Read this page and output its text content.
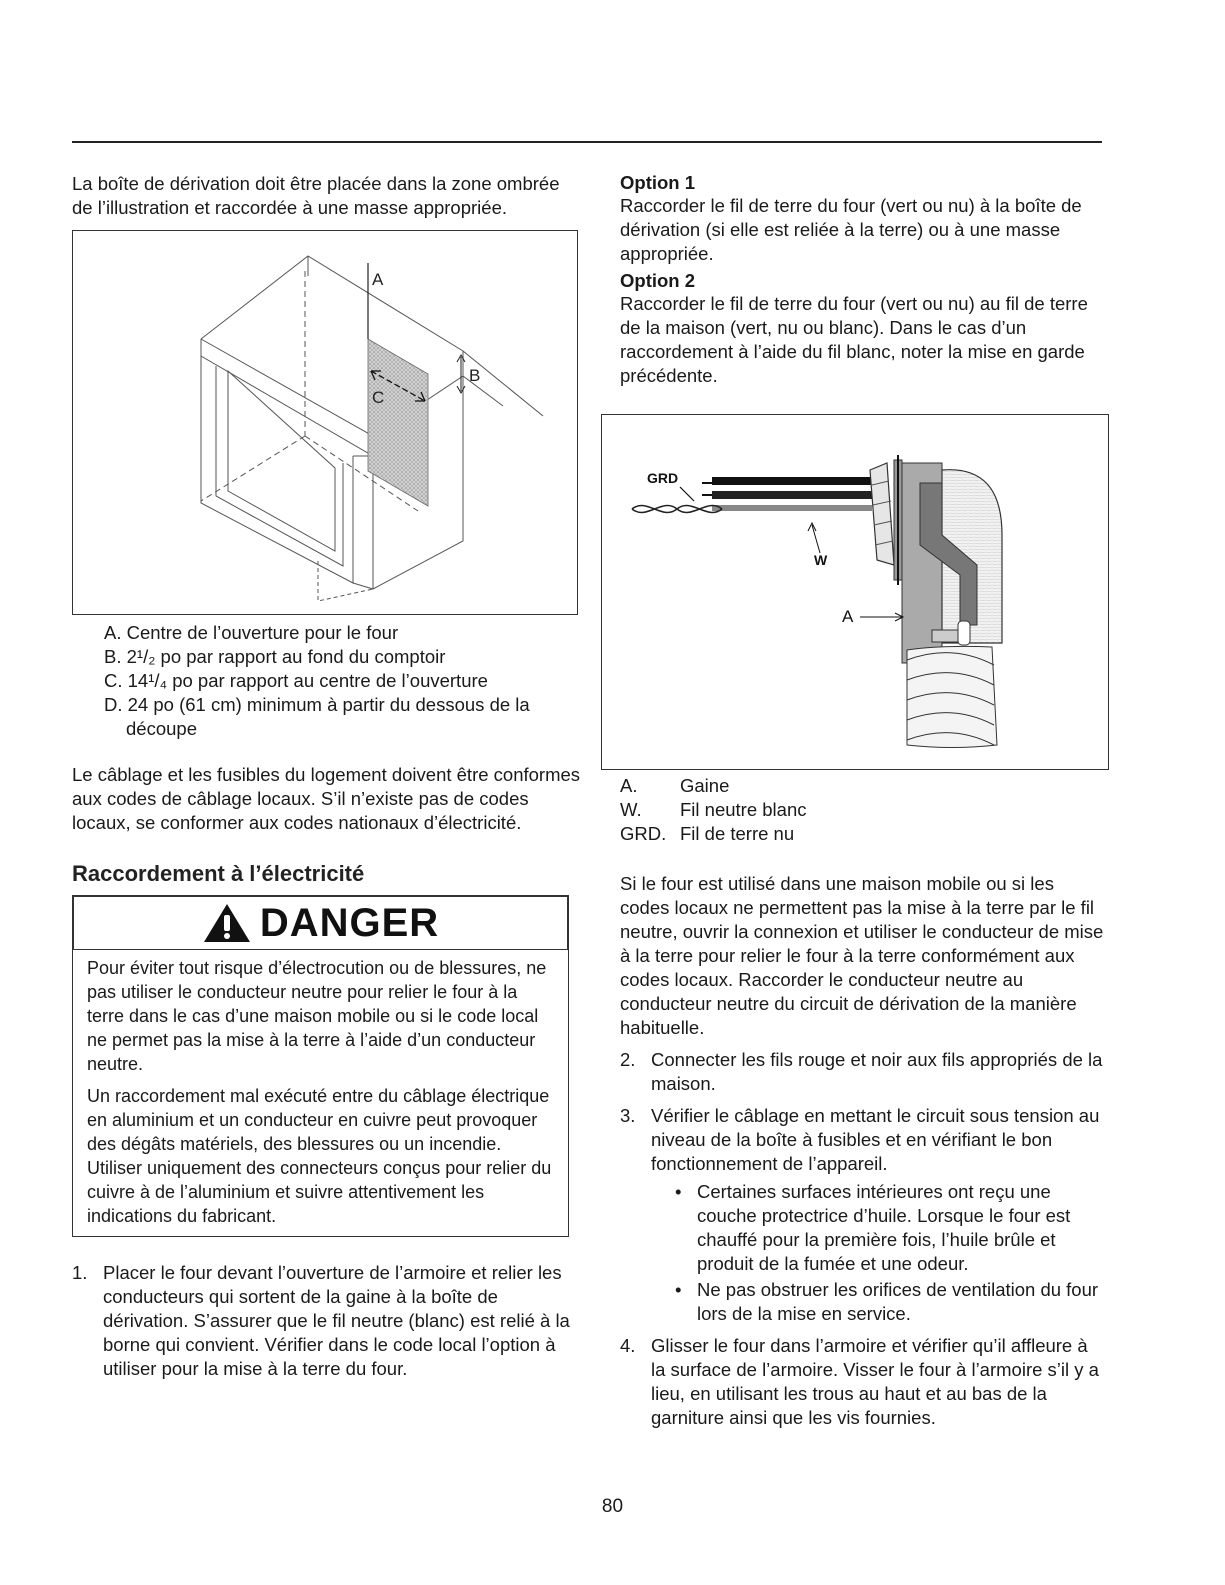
La boîte de dérivation doit être placée dans la zone ombrée de l’illustration et raccordée à une masse appropriée.

A
B
C
A. Centre de l’ouverture pour le four
B. 2¹/₂ po par rapport au fond du comptoir
C. 14¹/₄ po par rapport au centre de l’ouverture
D. 24 po (61 cm) minimum à partir du dessous de la découpe

Le câblage et les fusibles du logement doivent être conformes aux codes de câblage locaux. S’il n’existe pas de codes locaux, se conformer aux codes nationaux d’électricité.

Raccordement à l’électricité
DANGER

Pour éviter tout risque d’électrocution ou de blessures, ne pas utiliser le conducteur neutre pour relier le four à la terre dans le cas d’une maison mobile ou si le code local ne permet pas la mise à la terre à l’aide d’un conducteur neutre.

Un raccordement mal exécuté entre du câblage électrique en aluminium et un conducteur en cuivre peut provoquer des dégâts matériels, des blessures ou un incendie. Utiliser uniquement des connecteurs conçus pour relier du cuivre à de l’aluminium et suivre attentivement les indications du fabricant.

1. Placer le four devant l’ouverture de l’armoire et relier les conducteurs qui sortent de la gaine à la boîte de dérivation. S’assurer que le fil neutre (blanc) est relié à la borne qui convient. Vérifier dans le code local l’option à utiliser pour la mise à la terre du four.
Option 1

Raccorder le fil de terre du four (vert ou nu) à la boîte de dérivation (si elle est reliée à la terre) ou à une masse appropriée.

Option 2

Raccorder le fil de terre du four (vert ou nu) au fil de terre de la maison (vert, nu ou blanc). Dans le cas d’un raccordement à l’aide du fil blanc, noter la mise en garde précédente.

GRD
W
A
A.	Gaine
W.	Fil neutre blanc
GRD. Fil de terre nu

Si le four est utilisé dans une maison mobile ou si les codes locaux ne permettent pas la mise à la terre par le fil neutre, ouvrir la connexion et utiliser le conducteur de mise à la terre pour relier le four à la terre conformément aux codes locaux. Raccorder le conducteur neutre au conducteur neutre du circuit de dérivation de la manière habituelle.

2. Connecter les fils rouge et noir aux fils appropriés de la maison.
3. Vérifier le câblage en mettant le circuit sous tension au niveau de la boîte à fusibles et en vérifiant le bon fonctionnement de l’appareil.
• Certaines surfaces intérieures ont reçu une couche protectrice d’huile. Lorsque le four est chauffé pour la première fois, l’huile brûle et produit de la fumée et une odeur.
• Ne pas obstruer les orifices de ventilation du four lors de la mise en service.
4. Glisser le four dans l’armoire et vérifier qu’il affleure à la surface de l’armoire. Visser le four à l’armoire s’il y a lieu, en utilisant les trous au haut et au bas de la garniture ainsi que les vis fournies.
80
